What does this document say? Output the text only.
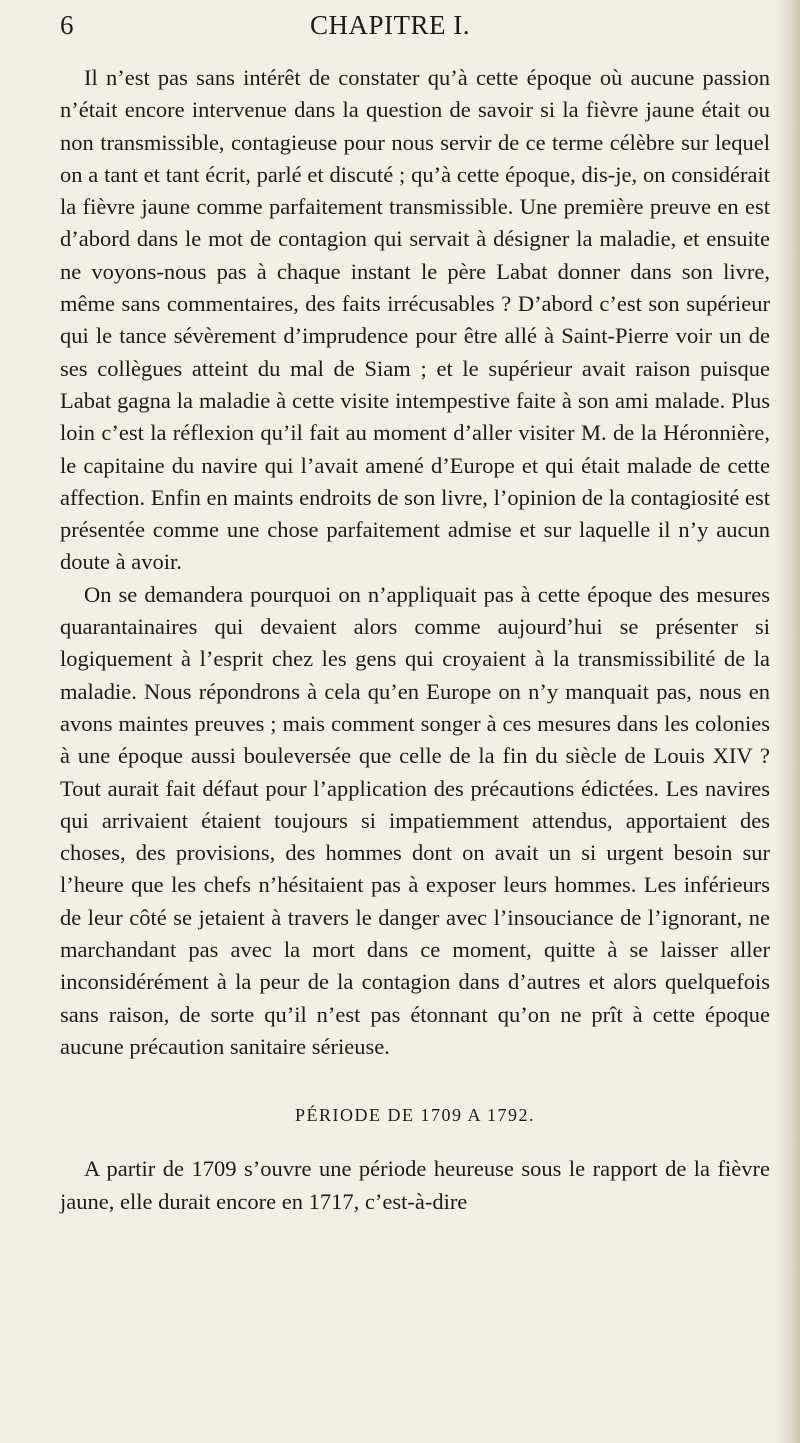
6	CHAPITRE I.

Il n’est pas sans intérêt de constater qu’à cette époque où aucune passion n’était encore intervenue dans la question de savoir si la fièvre jaune était ou non transmissible, contagieuse pour nous servir de ce terme célèbre sur lequel on a tant et tant écrit, parlé et discuté ; qu’à cette époque, dis-je, on considérait la fièvre jaune comme parfaitement transmissible. Une première preuve en est d’abord dans le mot de contagion qui servait à désigner la maladie, et ensuite ne voyons-nous pas à chaque instant le père Labat donner dans son livre, même sans commentaires, des faits irrécusables ? D’abord c’est son supérieur qui le tance sévèrement d’imprudence pour être allé à Saint-Pierre voir un de ses collègues atteint du mal de Siam ; et le supérieur avait raison puisque Labat gagna la maladie à cette visite intempestive faite à son ami malade. Plus loin c’est la réflexion qu’il fait au moment d’aller visiter M. de la Héronnière, le capitaine du navire qui l’avait amené d’Europe et qui était malade de cette affection. Enfin en maints endroits de son livre, l’opinion de la contagiosité est présentée comme une chose parfaitement admise et sur laquelle il n’y aucun doute à avoir.

On se demandera pourquoi on n’appliquait pas à cette époque des mesures quarantainaires qui devaient alors comme aujourd’hui se présenter si logiquement à l’esprit chez les gens qui croyaient à la transmissibilité de la maladie. Nous répondrons à cela qu’en Europe on n’y manquait pas, nous en avons maintes preuves ; mais comment songer à ces mesures dans les colonies à une époque aussi bouleversée que celle de la fin du siècle de Louis XIV ? Tout aurait fait défaut pour l’application des précautions édictées. Les navires qui arrivaient étaient toujours si impatiemment attendus, apportaient des choses, des provisions, des hommes dont on avait un si urgent besoin sur l’heure que les chefs n’hésitaient pas à exposer leurs hommes. Les inférieurs de leur côté se jetaient à travers le danger avec l’insouciance de l’ignorant, ne marchandant pas avec la mort dans ce moment, quitte à se laisser aller inconsidérément à la peur de la contagion dans d’autres et alors quelquefois sans raison, de sorte qu’il n’est pas étonnant qu’on ne prît à cette époque aucune précaution sanitaire sérieuse.

PÉRIODE DE 1709 A 1792.

A partir de 1709 s’ouvre une période heureuse sous le rapport de la fièvre jaune, elle durait encore en 1717, c’est-à-dire
